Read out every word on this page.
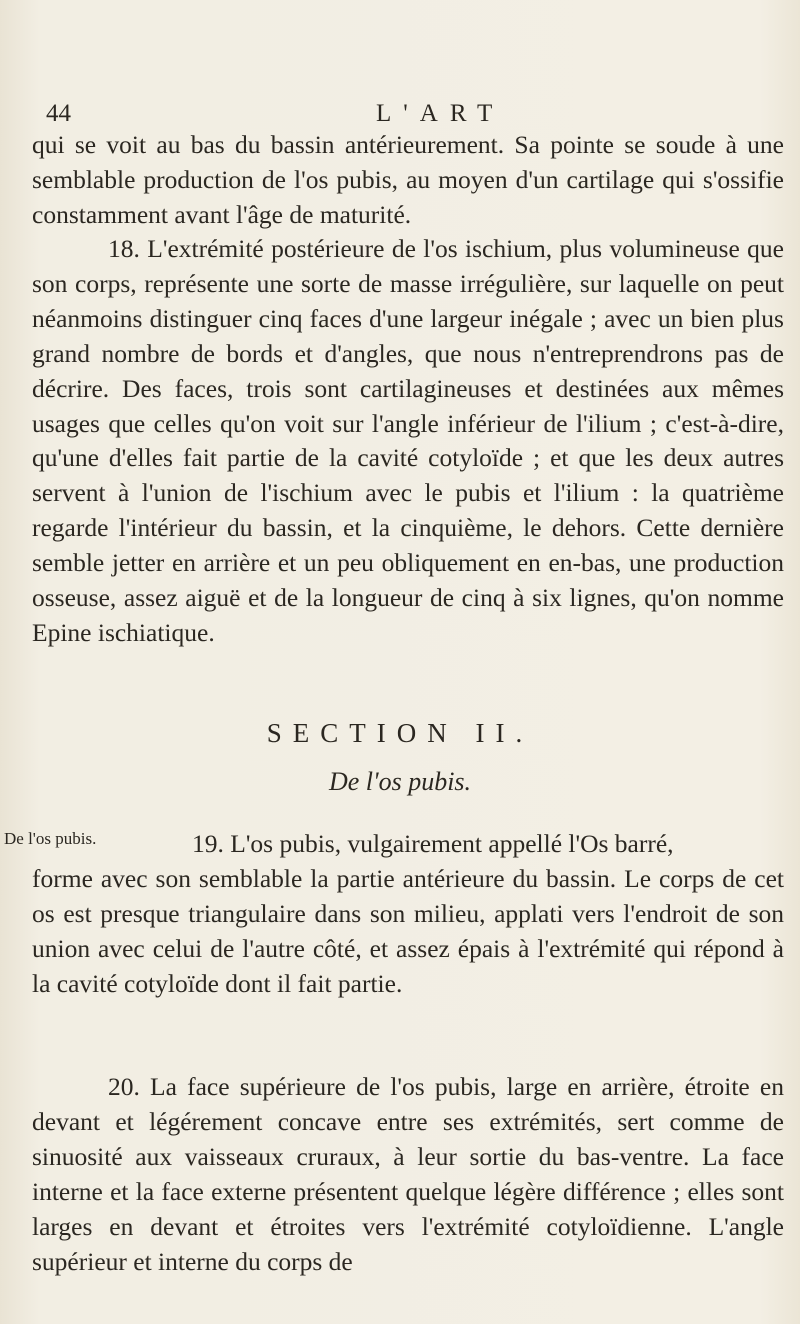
44	L'ART
qui se voit au bas du bassin antérieurement. Sa pointe se soude à une semblable production de l'os pubis, au moyen d'un cartilage qui s'ossifie constamment avant l'âge de maturité.
18. L'extrémité postérieure de l'os ischium, plus volumineuse que son corps, représente une sorte de masse irrégulière, sur laquelle on peut néanmoins distinguer cinq faces d'une largeur inégale ; avec un bien plus grand nombre de bords et d'angles, que nous n'entreprendrons pas de décrire. Des faces, trois sont cartilagineuses et destinées aux mêmes usages que celles qu'on voit sur l'angle inférieur de l'ilium ; c'est-à-dire, qu'une d'elles fait partie de la cavité cotyloïde ; et que les deux autres servent à l'union de l'ischium avec le pubis et l'ilium : la quatrième regarde l'intérieur du bassin, et la cinquième, le dehors. Cette dernière semble jetter en arrière et un peu obliquement en en-bas, une production osseuse, assez aiguë et de la longueur de cinq à six lignes, qu'on nomme Epine ischiatique.
SECTION II.
De l'os pubis.
De l'os pubis.	19. L'os pubis, vulgairement appellé l'Os barré,
forme avec son semblable la partie antérieure du bassin. Le corps de cet os est presque triangulaire dans son milieu, applati vers l'endroit de son union avec celui de l'autre côté, et assez épais à l'extrémité qui répond à la cavité cotyloïde dont il fait partie.
20. La face supérieure de l'os pubis, large en arrière, étroite en devant et légérement concave entre ses extrémités, sert comme de sinuosité aux vaisseaux cruraux, à leur sortie du bas-ventre. La face interne et la face externe présentent quelque légère différence ; elles sont larges en devant et étroites vers l'extrémité cotyloïdienne. L'angle supérieur et interne du corps de
